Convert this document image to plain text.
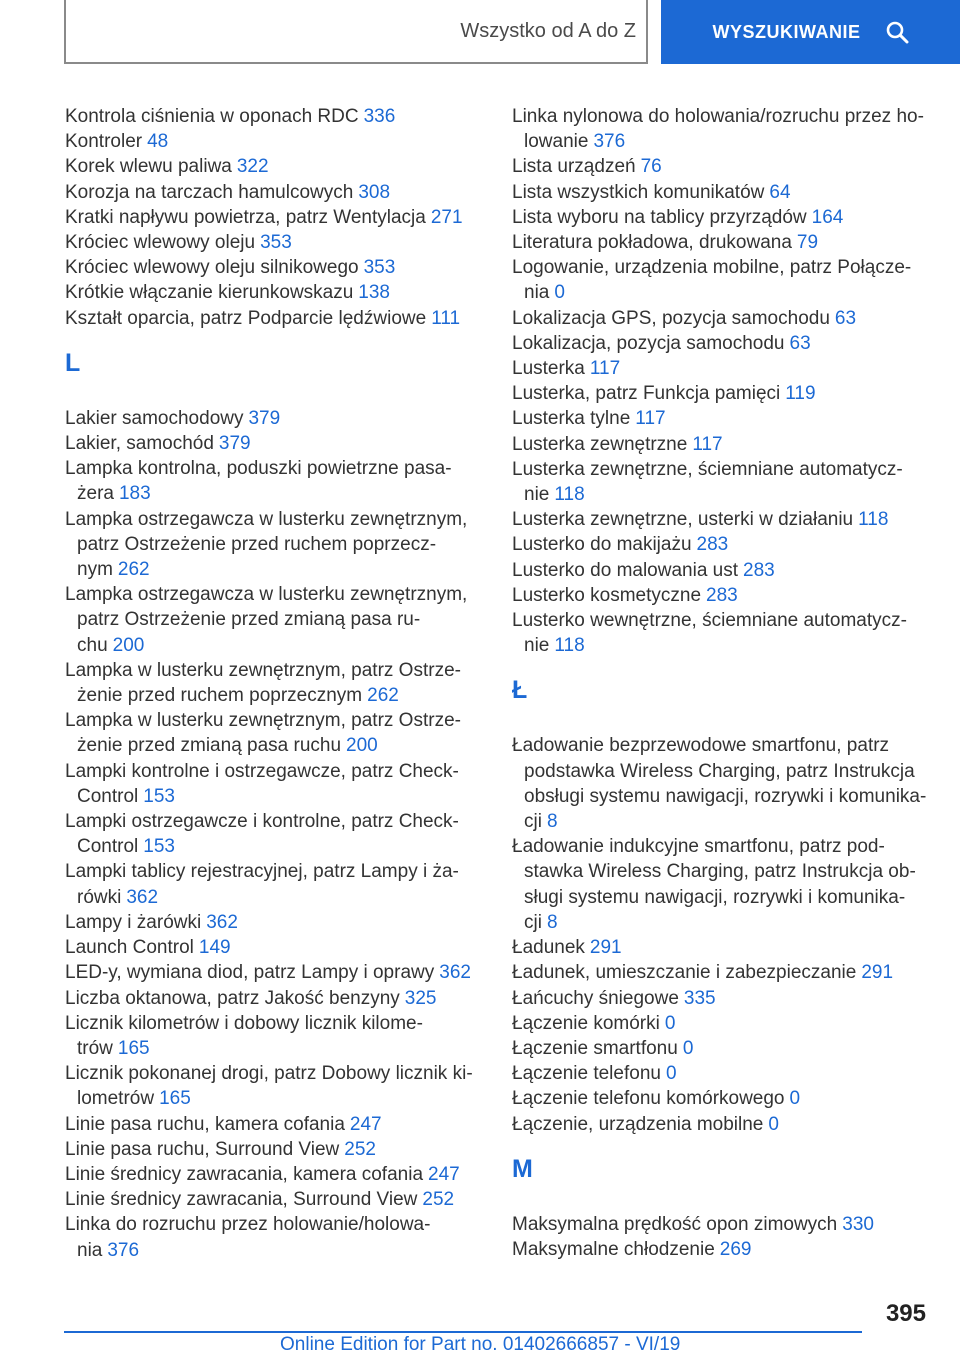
Wszystko od A do Z	WYSZUKIWANIE
Kontrola ciśnienia w oponach RDC 336
Kontroler 48
Korek wlewu paliwa 322
Korozja na tarczach hamulcowych 308
Kratki napływu powietrza, patrz Wentylacja 271
Króciec wlewowy oleju 353
Króciec wlewowy oleju silnikowego 353
Krótkie włączanie kierunkowskazu 138
Kształt oparcia, patrz Podparcie lędźwiowe 111
L
Lakier samochodowy 379
Lakier, samochód 379
Lampka kontrolna, poduszki powietrzne pasażera 183
Lampka ostrzegawcza w lusterku zewnętrznym, patrz Ostrzeżenie przed ruchem poprzecznym 262
Lampka ostrzegawcza w lusterku zewnętrznym, patrz Ostrzeżenie przed zmianą pasa ruchu 200
Lampka w lusterku zewnętrznym, patrz Ostrzeżenie przed ruchem poprzecznym 262
Lampka w lusterku zewnętrznym, patrz Ostrzeżenie przed zmianą pasa ruchu 200
Lampki kontrolne i ostrzegawcze, patrz Check-Control 153
Lampki ostrzegawcze i kontrolne, patrz Check-Control 153
Lampki tablicy rejestracyjnej, patrz Lampy i żarówki 362
Lampy i żarówki 362
Launch Control 149
LED-y, wymiana diod, patrz Lampy i oprawy 362
Liczba oktanowa, patrz Jakość benzyny 325
Licznik kilometrów i dobowy licznik kilometrów 165
Licznik pokonanej drogi, patrz Dobowy licznik kilometrów 165
Linie pasa ruchu, kamera cofania 247
Linie pasa ruchu, Surround View 252
Linie średnicy zawracania, kamera cofania 247
Linie średnicy zawracania, Surround View 252
Linka do rozruchu przez holowanie/holowania 376
Linka nylonowa do holowania/rozruchu przez holowanie 376
Lista urządzeń 76
Lista wszystkich komunikatów 64
Lista wyboru na tablicy przyrządów 164
Literatura pokładowa, drukowana 79
Logowanie, urządzenia mobilne, patrz Połączenia 0
Lokalizacja GPS, pozycja samochodu 63
Lokalizacja, pozycja samochodu 63
Lusterka 117
Lusterka, patrz Funkcja pamięci 119
Lusterka tylne 117
Lusterka zewnętrzne 117
Lusterka zewnętrzne, ściemniane automatycznie 118
Lusterka zewnętrzne, usterki w działaniu 118
Lusterko do makijażu 283
Lusterko do malowania ust 283
Lusterko kosmetyczne 283
Lusterko wewnętrzne, ściemniane automatycznie 118
Ł
Ładowanie bezprzewodowe smartfonu, patrz podstawka Wireless Charging, patrz Instrukcja obsługi systemu nawigacji, rozrywki i komunikacji 8
Ładowanie indukcyjne smartfonu, patrz podstawka Wireless Charging, patrz Instrukcja obsługi systemu nawigacji, rozrywki i komunikacji 8
Ładunek 291
Ładunek, umieszczanie i zabezpieczanie 291
Łańcuchy śniegowe 335
Łączenie komórki 0
Łączenie smartfonu 0
Łączenie telefonu 0
Łączenie telefonu komórkowego 0
Łączenie, urządzenia mobilne 0
M
Maksymalna prędkość opon zimowych 330
Maksymalne chłodzenie 269
395
Online Edition for Part no. 01402666857 - VI/19
